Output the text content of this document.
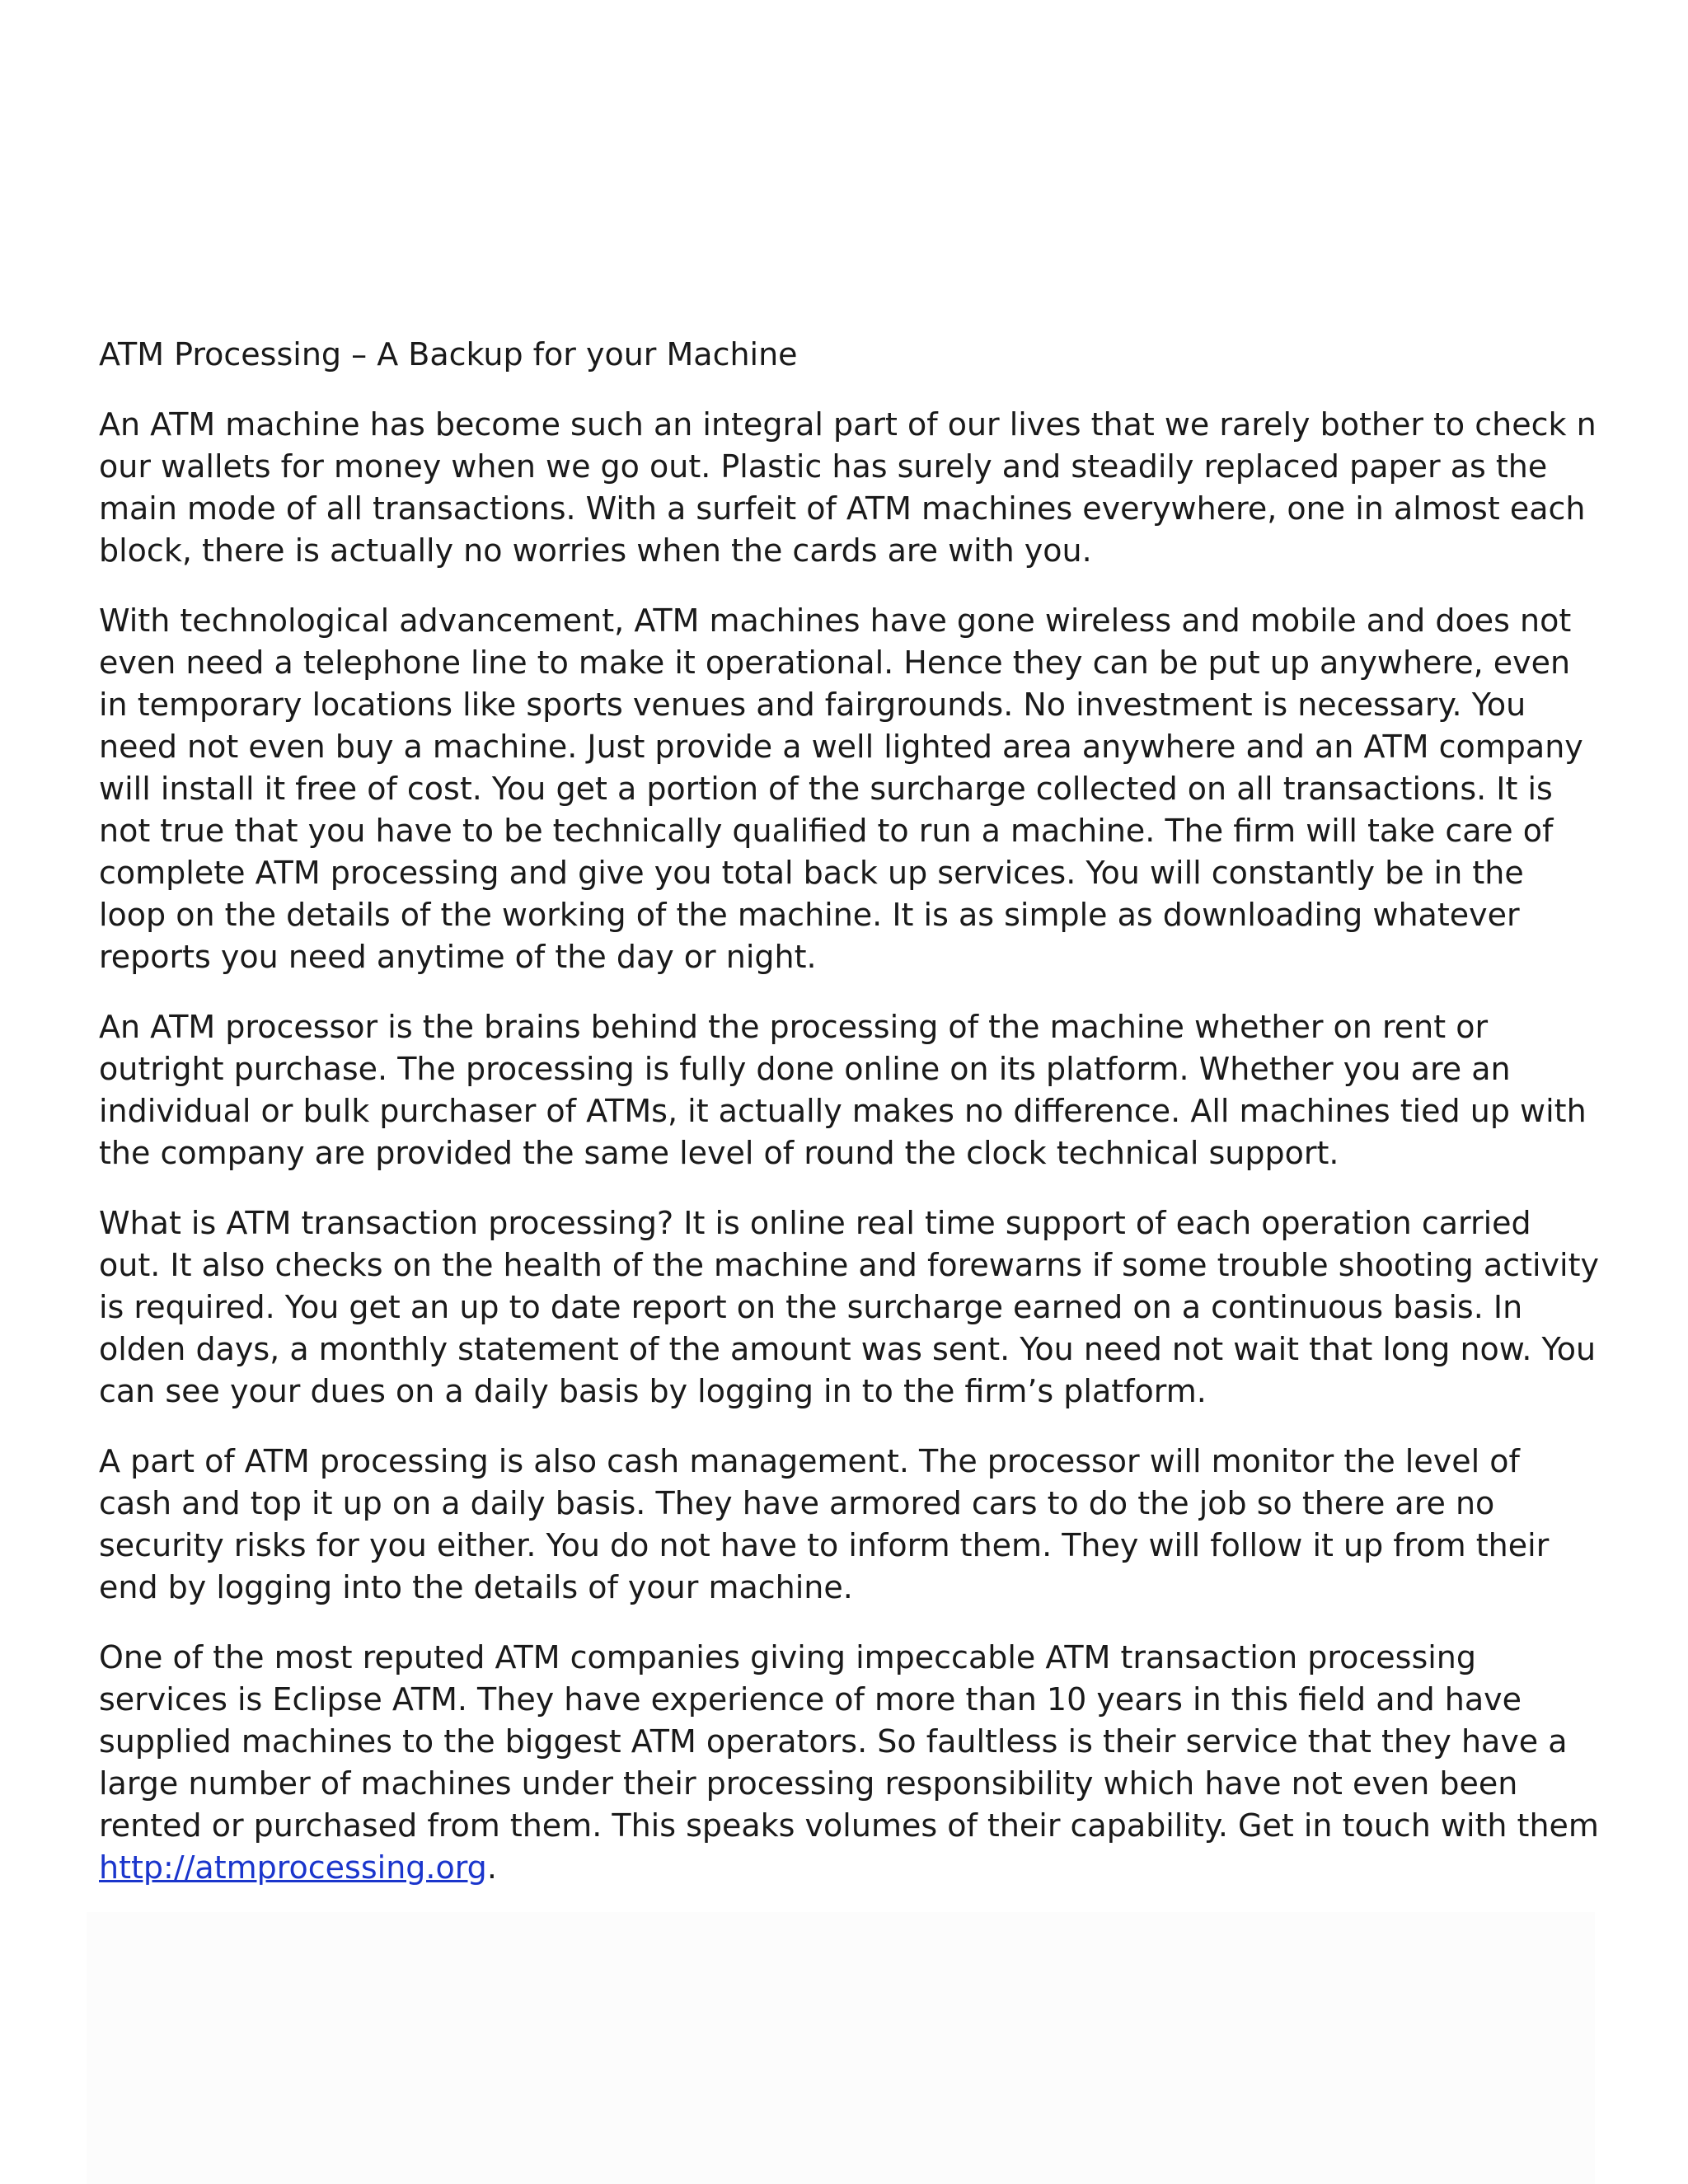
ATM Processing – A Backup for your Machine

An ATM machine has become such an integral part of our lives that we rarely bother to check n our wallets for money when we go out. Plastic has surely and steadily replaced paper as the main mode of all transactions. With a surfeit of ATM machines everywhere, one in almost each block, there is actually no worries when the cards are with you.

With technological advancement, ATM machines have gone wireless and mobile and does not even need a telephone line to make it operational. Hence they can be put up anywhere, even in temporary locations like sports venues and fairgrounds. No investment is necessary. You need not even buy a machine. Just provide a well lighted area anywhere and an ATM company will install it free of cost. You get a portion of the surcharge collected on all transactions. It is not true that you have to be technically qualified to run a machine. The firm will take care of complete ATM processing and give you total back up services. You will constantly be in the loop on the details of the working of the machine. It is as simple as downloading whatever reports you need anytime of the day or night.

An ATM processor is the brains behind the processing of the machine whether on rent or outright purchase. The processing is fully done online on its platform. Whether you are an individual or bulk purchaser of ATMs, it actually makes no difference. All machines tied up with the company are provided the same level of round the clock technical support.

What is ATM transaction processing? It is online real time support of each operation carried out. It also checks on the health of the machine and forewarns if some trouble shooting activity is required. You get an up to date report on the surcharge earned on a continuous basis. In olden days, a monthly statement of the amount was sent. You need not wait that long now. You can see your dues on a daily basis by logging in to the firm’s platform.

A part of ATM processing is also cash management. The processor will monitor the level of cash and top it up on a daily basis. They have armored cars to do the job so there are no security risks for you either. You do not have to inform them. They will follow it up from their end by logging into the details of your machine.

One of the most reputed ATM companies giving impeccable ATM transaction processing services is Eclipse ATM. They have experience of more than 10 years in this field and have supplied machines to the biggest ATM operators. So faultless is their service that they have a large number of machines under their processing responsibility which have not even been rented or purchased from them. This speaks volumes of their capability. Get in touch with them http://atmprocessing.org.
